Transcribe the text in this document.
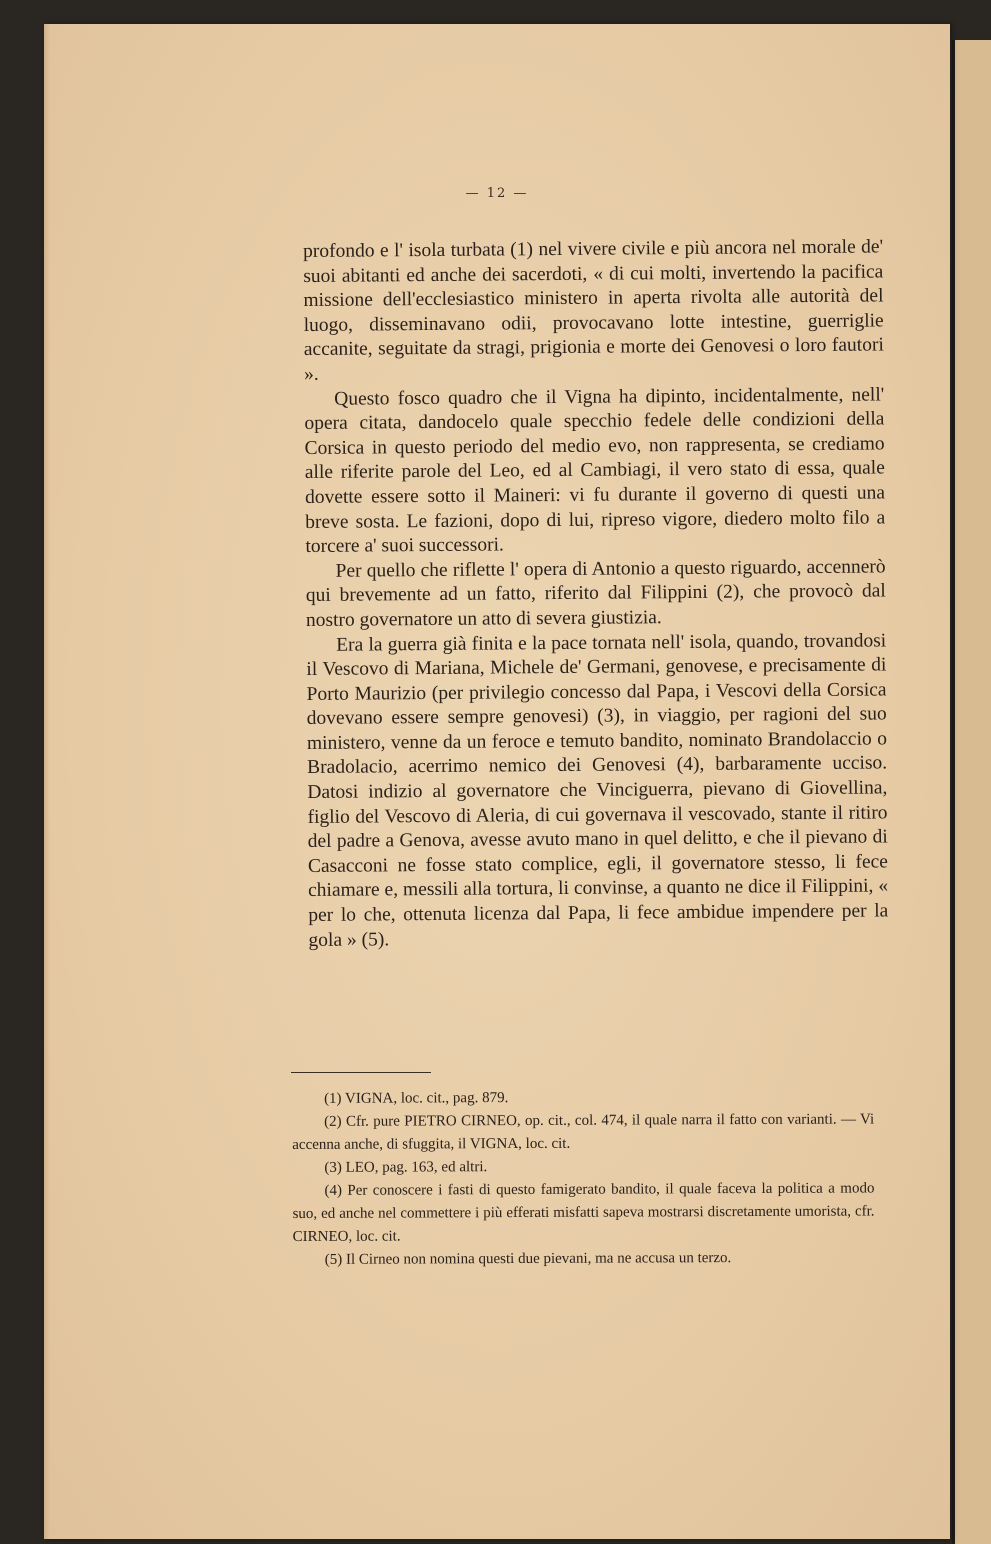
— 12 —

profondo e l' isola turbata (1) nel vivere civile e più ancora nel morale de' suoi abitanti ed anche dei sacerdoti, « di cui molti, invertendo la pacifica missione dell'ecclesiastico ministero in aperta rivolta alle autorità del luogo, disseminavano odii, provocavano lotte intestine, guerriglie accanite, seguitate da stragi, prigionia e morte dei Genovesi o loro fautori ».

Questo fosco quadro che il Vigna ha dipinto, incidentalmente, nell' opera citata, dandocelo quale specchio fedele delle condizioni della Corsica in questo periodo del medio evo, non rappresenta, se crediamo alle riferite parole del Leo, ed al Cambiagi, il vero stato di essa, quale dovette essere sotto il Maineri: vi fu durante il governo di questi una breve sosta. Le fazioni, dopo di lui, ripreso vigore, diedero molto filo a torcere a' suoi successori.

Per quello che riflette l' opera di Antonio a questo riguardo, accennerò qui brevemente ad un fatto, riferito dal Filippini (2), che provocò dal nostro governatore un atto di severa giustizia.

Era la guerra già finita e la pace tornata nell' isola, quando, trovandosi il Vescovo di Mariana, Michele de' Germani, genovese, e precisamente di Porto Maurizio (per privilegio concesso dal Papa, i Vescovi della Corsica dovevano essere sempre genovesi) (3), in viaggio, per ragioni del suo ministero, venne da un feroce e temuto bandito, nominato Brandolaccio o Bradolacio, acerrimo nemico dei Genovesi (4), barbaramente ucciso. Datosi indizio al governatore che Vinciguerra, pievano di Giovellina, figlio del Vescovo di Aleria, di cui governava il vescovado, stante il ritiro del padre a Genova, avesse avuto mano in quel delitto, e che il pievano di Casacconi ne fosse stato complice, egli, il governatore stesso, li fece chiamare e, messili alla tortura, li convinse, a quanto ne dice il Filippini, « per lo che, ottenuta licenza dal Papa, li fece ambidue impendere per la gola » (5).

(1) VIGNA, loc. cit., pag. 879.

(2) Cfr. pure PIETRO CIRNEO, op. cit., col. 474, il quale narra il fatto con varianti. — Vi accenna anche, di sfuggita, il VIGNA, loc. cit.

(3) LEO, pag. 163, ed altri.

(4) Per conoscere i fasti di questo famigerato bandito, il quale faceva la politica a modo suo, ed anche nel commettere i più efferati misfatti sapeva mostrarsi discretamente umorista, cfr. CIRNEO, loc. cit.

(5) Il Cirneo non nomina questi due pievani, ma ne accusa un terzo.
